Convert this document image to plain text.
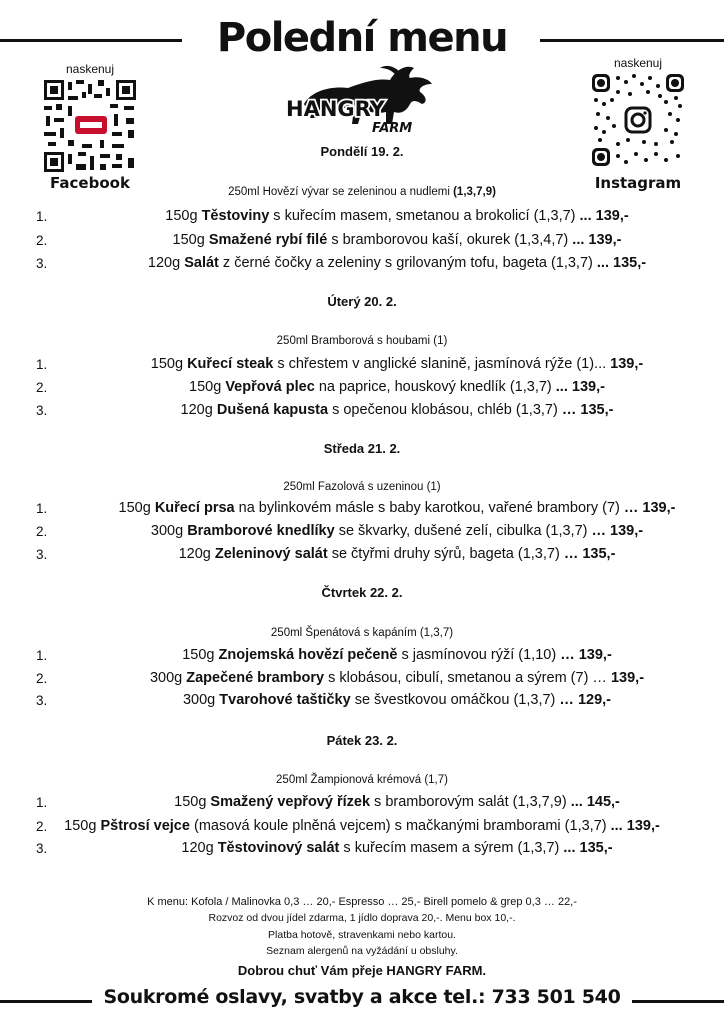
Polední menu
naskenuj
Facebook
naskenuj
Instagram
HANGRY
FARM
Pondělí 19. 2.
250ml Hovězí vývar se zeleninou a nudlemi (1,3,7,9)
1.	150g Těstoviny s kuřecím masem, smetanou a brokolicí (1,3,7) ... 139,-
2.	150g Smažené rybí filé s bramborovou kaší, okurek (1,3,4,7) ... 139,-
3.	120g Salát z černé čočky a zeleniny s grilovaným tofu, bageta (1,3,7) ... 135,-
Úterý 20. 2.
250ml Bramborová s houbami (1)
1.	150g Kuřecí steak s chřestem v anglické slanině, jasmínová rýže (1)... 139,-
2.	150g Vepřová plec na paprice, houskový knedlík (1,3,7) ... 139,-
3.	120g Dušená kapusta s opečenou klobásou, chléb (1,3,7) … 135,-
Středa 21. 2.
250ml Fazolová s uzeninou (1)
1.	150g Kuřecí prsa na bylinkovém másle s baby karotkou, vařené brambory (7) … 139,-
2.	300g Bramborové knedlíky se škvarky, dušené zelí, cibulka (1,3,7) … 139,-
3.	120g Zeleninový salát se čtyřmi druhy sýrů, bageta (1,3,7) … 135,-
Čtvrtek 22. 2.
250ml Špenátová s kapáním (1,3,7)
1.	150g Znojemská hovězí pečeně s jasmínovou rýží (1,10) … 139,-
2.	300g Zapečené brambory s klobásou, cibulí, smetanou a sýrem (7) … 139,-
3.	300g Tvarohové taštičky se švestkovou omáčkou (1,3,7) … 129,-
Pátek 23. 2.
250ml Žampionová krémová (1,7)
1.	150g Smažený vepřový řízek s bramborovým salát (1,3,7,9) ... 145,-
2.	150g Pštrosí vejce (masová koule plněná vejcem) s mačkanými bramborami (1,3,7) ... 139,-
3.	120g Těstovinový salát s kuřecím masem a sýrem (1,3,7) ... 135,-
K menu: Kofola / Malinovka 0,3 … 20,- Espresso … 25,- Birell pomelo & grep 0,3 … 22,-
Rozvoz od dvou jídel zdarma, 1 jídlo doprava 20,-. Menu box 10,-.
Platba hotově, stravenkami nebo kartou.
Seznam alergenů na vyžádání u obsluhy.
Dobrou chuť Vám přeje HANGRY FARM.
Soukromé oslavy, svatby a akce tel.: 733 501 540
